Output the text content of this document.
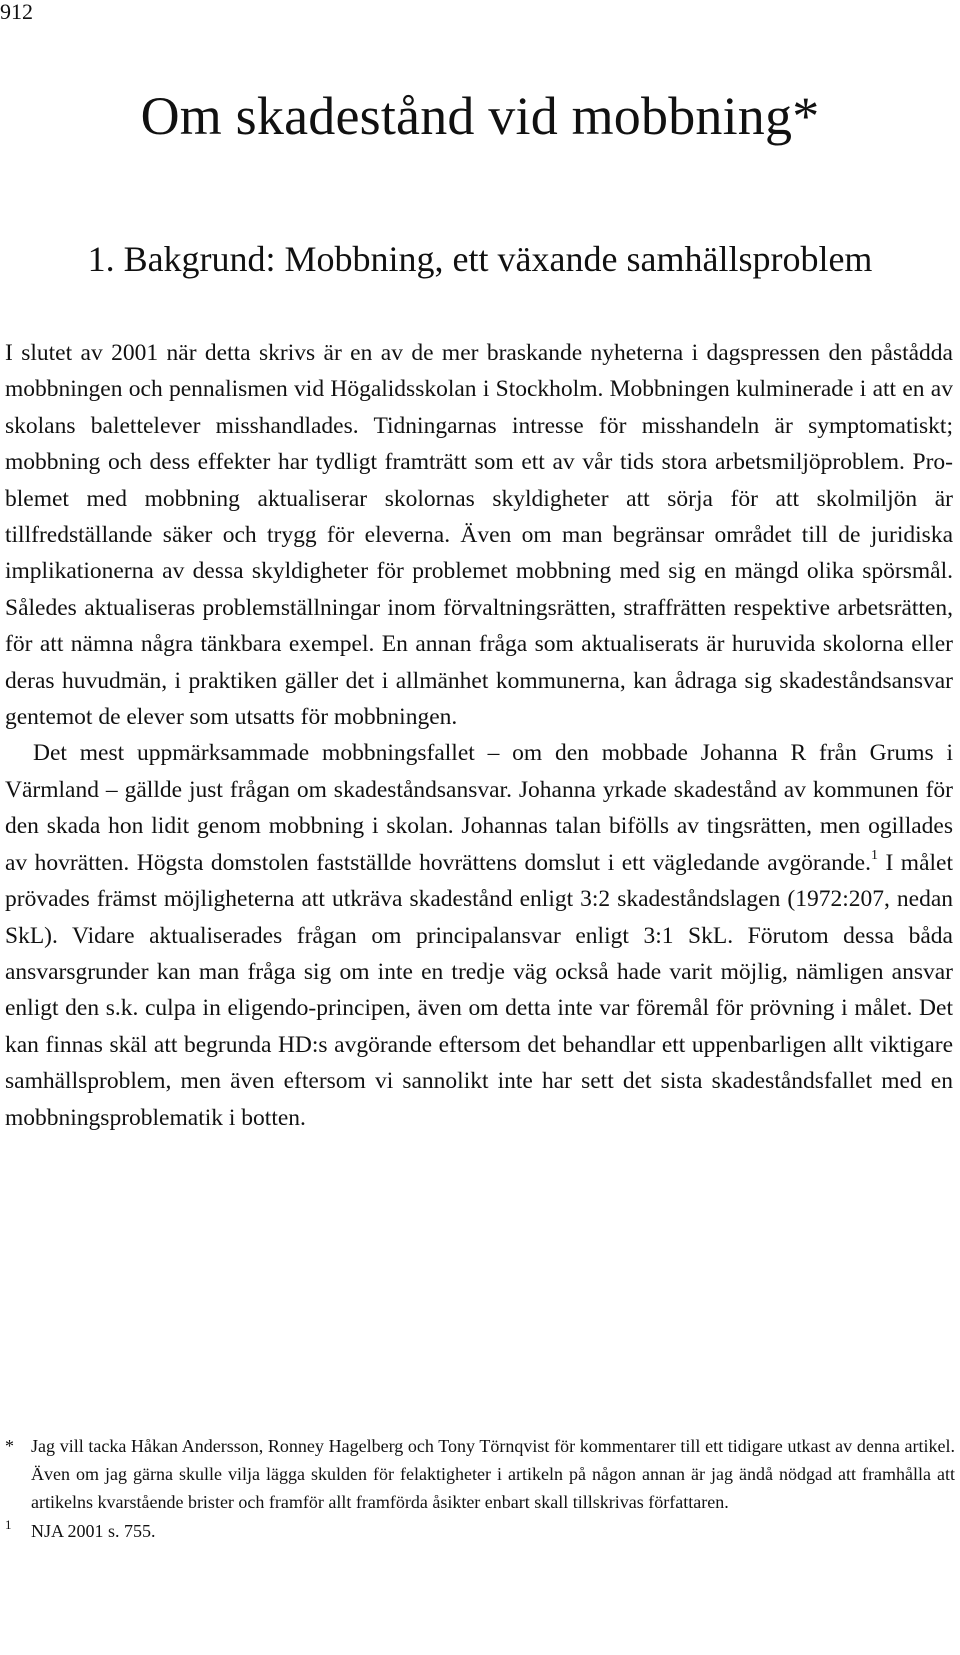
912
Om skadestånd vid mobbning*
1. Bakgrund: Mobbning, ett växande samhällsproblem

I slutet av 2001 när detta skrivs är en av de mer braskande nyheterna i dagspressen den påstådda mobbningen och pennalismen vid Högalidsskolan i Stockholm. Mobbningen kulminerade i att en av skolans balettelever misshandlades. Tidningarnas intresse för misshandeln är symptomatiskt; mobbning och dess effekter har tydligt framträtt som ett av vår tids stora arbetsmiljöproblem. Problemet med mobbning aktualiserar skolornas skyldigheter att sörja för att skolmiljön är tillfredställande säker och trygg för eleverna. Även om man begränsar området till de juridiska implikationerna av dessa skyldigheter för problemet mobbning med sig en mängd olika spörsmål. Således aktualiseras problemställningar inom förvaltningsrätten, straffrätten respektive arbetsrätten, för att nämna några tänkbara exempel. En annan fråga som aktualiserats är huruvida skolorna eller deras huvudmän, i praktiken gäller det i allmänhet kommunerna, kan ådraga sig skadeståndsansvar gentemot de elever som utsatts för mobbningen.

Det mest uppmärksammade mobbningsfallet – om den mobbade Johanna R från Grums i Värmland – gällde just frågan om skadeståndsansvar. Johanna yrkade skadestånd av kommunen för den skada hon lidit genom mobbning i skolan. Johannas talan bifölls av tingsrätten, men ogillades av hovrätten. Högsta domstolen fastställde hovrättens domslut i ett vägledande avgörande.$^1$ I målet prövades främst möjligheterna att utkräva skadestånd enligt 3:2 skadeståndslagen (1972:207, nedan SkL). Vidare aktualiserades frågan om principalansvar enligt 3:1 SkL. Förutom dessa båda ansvarsgrunder kan man fråga sig om inte en tredje väg också hade varit möjlig, nämligen ansvar enligt den s.k. culpa in eligendo-principen, även om detta inte var föremål för prövning i målet. Det kan finnas skäl att begrunda HD:s avgörande eftersom det behandlar ett uppenbarligen allt viktigare samhällsproblem, men även eftersom vi sannolikt inte har sett det sista skadeståndsfallet med en mobbningsproblematik i botten.

* Jag vill tacka Håkan Andersson, Ronney Hagelberg och Tony Törnqvist för kommentarer till ett tidigare utkast av denna artikel. Även om jag gärna skulle vilja lägga skulden för felaktigheter i artikeln på någon annan är jag ändå nödgad att framhålla att artikelns kvarstående brister och framför allt framförda åsikter enbart skall tillskrivas författaren.
1 NJA 2001 s. 755.
